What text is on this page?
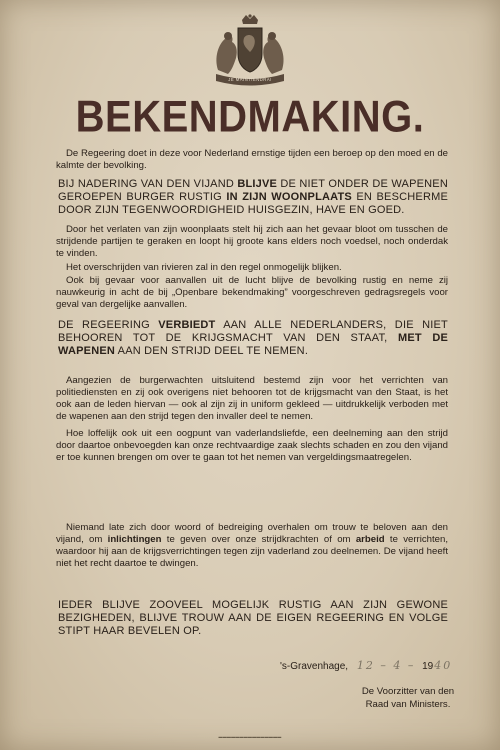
JE MAINTIENDRAI
BEKENDMAKING.

De Regeering doet in deze voor Nederland ernstige tijden een beroep op den moed en de kalmte der bevolking.

BIJ NADERING VAN DEN VIJAND BLIJVE DE NIET ONDER DE WAPENEN GEROEPEN BURGER RUSTIG IN ZIJN WOONPLAATS EN BESCHERME DOOR ZIJN TEGENWOORDIGHEID HUISGEZIN, HAVE EN GOED.

Door het verlaten van zijn woonplaats stelt hij zich aan het gevaar bloot om tusschen de strijdende partijen te geraken en loopt hij groote kans elders noch voedsel, noch onderdak te vinden.

Het overschrijden van rivieren zal in den regel onmogelijk blijken.

Ook bij gevaar voor aanvallen uit de lucht blijve de bevolking rustig en neme zij nauwkeurig in acht de bij „Openbare bekendmaking” voorgeschreven gedragsregels voor geval van dergelijke aanvallen.

DE REGEERING VERBIEDT AAN ALLE NEDERLANDERS, DIE NIET BEHOOREN TOT DE KRIJGSMACHT VAN DEN STAAT, MET DE WAPENEN AAN DEN STRIJD DEEL TE NEMEN.

Aangezien de burgerwachten uitsluitend bestemd zijn voor het verrichten van politiediensten en zij ook overigens niet behooren tot de krijgsmacht van den Staat, is het ook aan de leden hiervan — ook al zijn zij in uniform gekleed — uitdrukkelijk verboden met de wapenen aan den strijd tegen den invaller deel te nemen.

Hoe loffelijk ook uit een oogpunt van vaderlandsliefde, een deelneming aan den strijd door daartoe onbevoegden kan onze rechtvaardige zaak slechts schaden en zou den vijand er toe kunnen brengen om over te gaan tot het nemen van vergeldingsmaatregelen.

Niemand late zich door woord of bedreiging overhalen om trouw te beloven aan den vijand, om inlichtingen te geven over onze strijdkrachten of om arbeid te verrichten, waardoor hij aan de krijgsverrichtingen tegen zijn vaderland zou deelnemen. De vijand heeft niet het recht daartoe te dwingen.

IEDER BLIJVE ZOOVEEL MOGELIJK RUSTIG AAN ZIJN GEWONE BEZIGHEDEN, BLIJVE TROUW AAN DE EIGEN REGEERING EN VOLGE STIPT HAAR BEVELEN OP.

's-Gravenhage, 12 – 4 – 1940
De Voorzitter van den
Raad van Ministers.
▬▬▬▬▬▬▬▬▬▬▬▬▬▬▬
